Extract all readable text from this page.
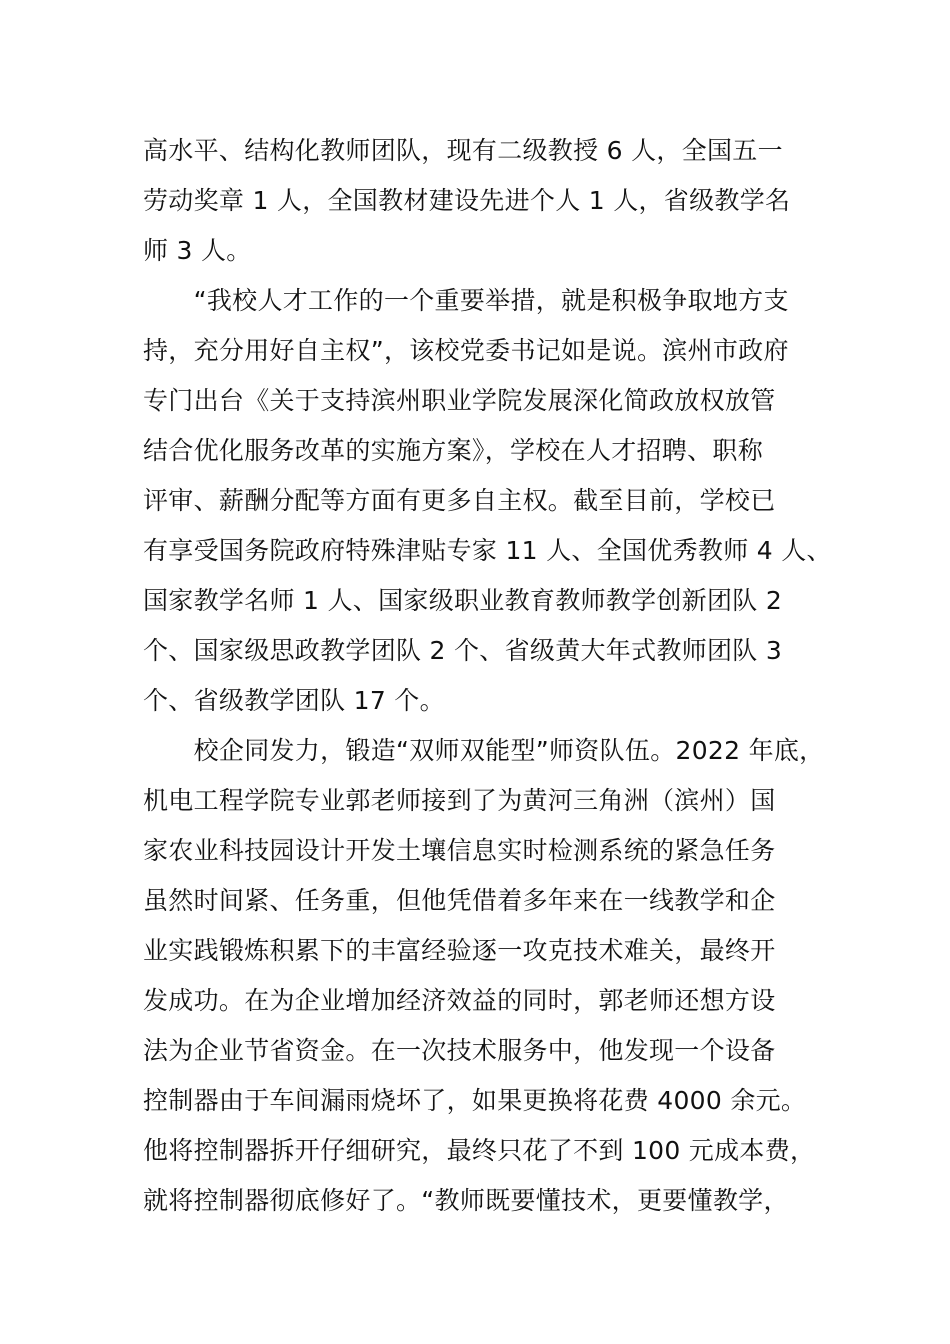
高水平、结构化教师团队，现有二级教授 6 人，全国五一
劳动奖章 1 人，全国教材建设先进个人 1 人，省级教学名
师 3 人。
　　“我校人才工作的一个重要举措，就是积极争取地方支
持，充分用好自主权”，该校党委书记如是说。滨州市政府
专门出台《关于支持滨州职业学院发展深化简政放权放管
结合优化服务改革的实施方案》，学校在人才招聘、职称
评审、薪酬分配等方面有更多自主权。截至目前，学校已
有享受国务院政府特殊津贴专家 11 人、全国优秀教师 4 人、
国家教学名师 1 人、国家级职业教育教师教学创新团队 2
个、国家级思政教学团队 2 个、省级黄大年式教师团队 3
个、省级教学团队 17 个。
　　校企同发力，锻造“双师双能型”师资队伍。2022 年底，
机电工程学院专业郭老师接到了为黄河三角洲（滨州）国
家农业科技园设计开发土壤信息实时检测系统的紧急任务
虽然时间紧、任务重，但他凭借着多年来在一线教学和企
业实践锻炼积累下的丰富经验逐一攻克技术难关，最终开
发成功。在为企业增加经济效益的同时，郭老师还想方设
法为企业节省资金。在一次技术服务中，他发现一个设备
控制器由于车间漏雨烧坏了，如果更换将花费 4000 余元。
他将控制器拆开仔细研究，最终只花了不到 100 元成本费，
就将控制器彻底修好了。“教师既要懂技术，更要懂教学，
